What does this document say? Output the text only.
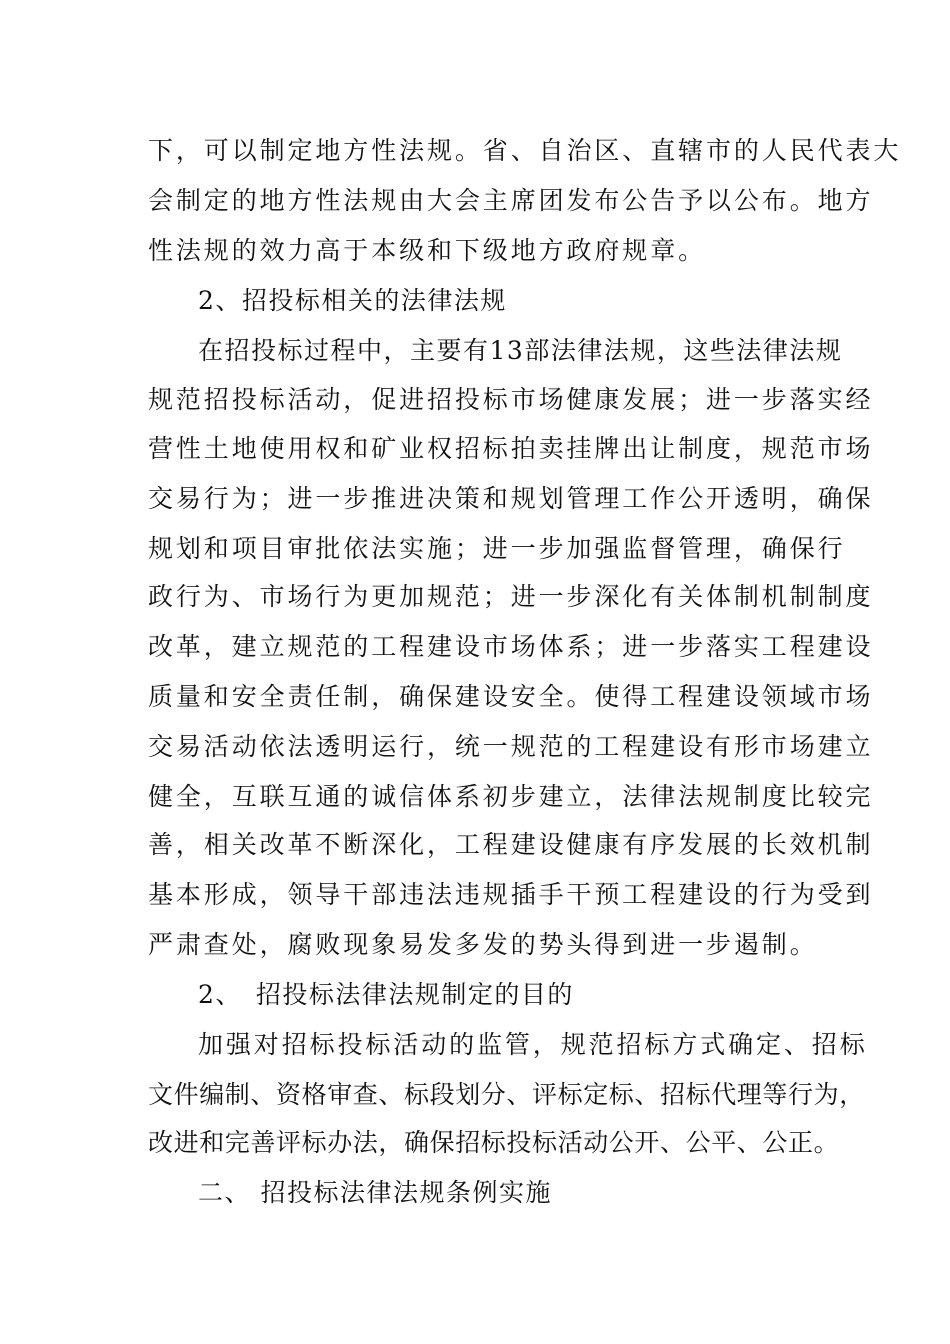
下，可以制定地方性法规。省、自治区、直辖市的人民代表大
会制定的地方性法规由大会主席团发布公告予以公布。地方
性法规的效力高于本级和下级地方政府规章。
2、招投标相关的法律法规
在招投标过程中，主要有13部法律法规，这些法律法规
规范招投标活动，促进招投标市场健康发展；进一步落实经
营性土地使用权和矿业权招标拍卖挂牌出让制度，规范市场
交易行为；进一步推进决策和规划管理工作公开透明，确保
规划和项目审批依法实施；进一步加强监督管理，确保行
政行为、市场行为更加规范；进一步深化有关体制机制制度
改革，建立规范的工程建设市场体系；进一步落实工程建设
质量和安全责任制，确保建设安全。使得工程建设领域市场
交易活动依法透明运行，统一规范的工程建设有形市场建立
健全，互联互通的诚信体系初步建立，法律法规制度比较完
善，相关改革不断深化，工程建设健康有序发展的长效机制
基本形成，领导干部违法违规插手干预工程建设的行为受到
严肃查处，腐败现象易发多发的势头得到进一步遏制。
2、　招投标法律法规制定的目的
加强对招标投标活动的监管，规范招标方式确定、招标
文件编制、资格审查、标段划分、评标定标、招标代理等行为，
改进和完善评标办法，确保招标投标活动公开、公平、公正。
二、 招投标法律法规条例实施
